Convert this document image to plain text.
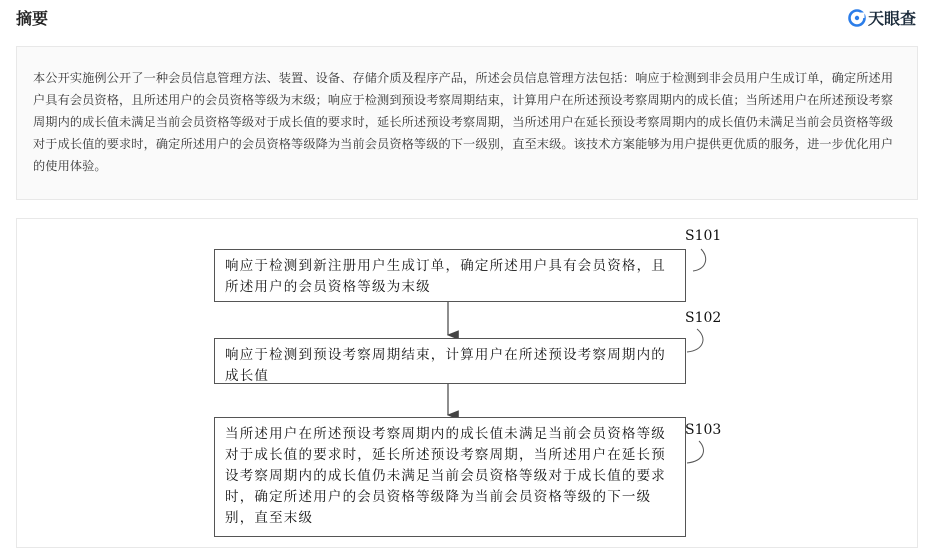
摘要	天眼查
本公开实施例公开了一种会员信息管理方法、装置、设备、存储介质及程序产品，所述会员信息管理方法包括：响应于检测到非会员用户生成订单，确定所述用户具有会员资格，且所述用户的会员资格等级为末级；响应于检测到预设考察周期结束，计算用户在所述预设考察周期内的成长值；当所述用户在所述预设考察周期内的成长值未满足当前会员资格等级对于成长值的要求时，延长所述预设考察周期，当所述用户在延长预设考察周期内的成长值仍未满足当前会员资格等级对于成长值的要求时，确定所述用户的会员资格等级降为当前会员资格等级的下一级别，直至末级。该技术方案能够为用户提供更优质的服务，进一步优化用户的使用体验。
响应于检测到新注册用户生成订单，确定所述用户具有会员资格，且所述用户的会员资格等级为末级
S101
响应于检测到预设考察周期结束，计算用户在所述预设考察周期内的成长值
S102
当所述用户在所述预设考察周期内的成长值未满足当前会员资格等级对于成长值的要求时，延长所述预设考察周期，当所述用户在延长预设考察周期内的成长值仍未满足当前会员资格等级对于成长值的要求时，确定所述用户的会员资格等级降为当前会员资格等级的下一级别，直至末级
S103
